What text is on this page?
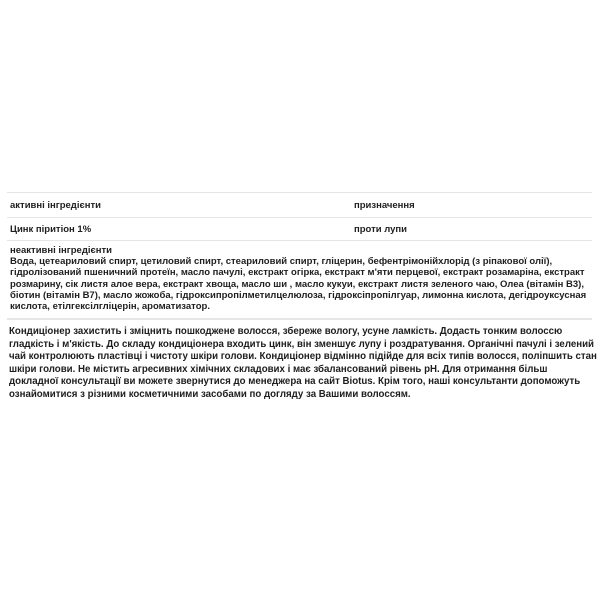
активні інгредієнти	призначення
Цинк піритіон 1%	проти лупи
неактивні інгредієнти
Вода, цетеариловий спирт, цетиловий спирт, стеариловий спирт, гліцерин, бефентрімонійхлорід (з ріпакової олії), гідролізований пшеничний протеїн, масло пачулі, екстракт огірка, екстракт м'яти перцевої, екстракт розамаріна, екстракт розмарину, сік листя алое вера, екстракт хвоща, масло ши , масло кукуи, екстракт листя зеленого чаю, Олеа (вітамін В3), біотин (вітамін В7), масло жожоба, гідроксипропілметилцелюлоза, гідроксіпропілгуар, лимонна кислота, дегідроуксусная кислота, етілгексілгліцерін, ароматизатор.
Кондиціонер захистить і зміцнить пошкоджене волосся, збереже вологу, усуне ламкість. Додасть тонким волоссю гладкість і м'якість. До складу кондиціонера входить цинк, він зменшує лупу і роздратування. Органічні пачулі і зелений чай контролюють пластівці і чистоту шкіри голови. Кондиціонер відмінно підійде для всіх типів волосся, поліпшить стан шкіри голови. Не містить агресивних хімічних складових і має збалансований рівень pH. Для отримання більш докладної консультації ви можете звернутися до менеджера на сайт Biotus. Крім того, наші консультанти допоможуть ознайомитися з різними косметичними засобами по догляду за Вашими волоссям.
